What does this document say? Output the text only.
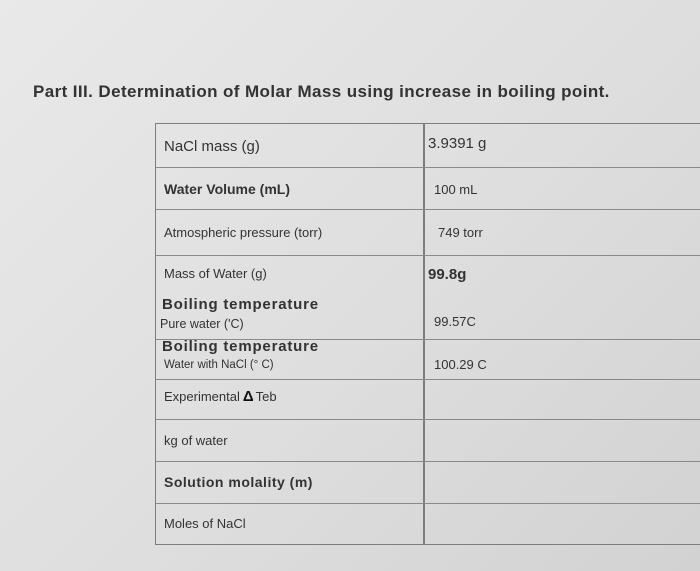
Part III. Determination of Molar Mass using increase in boiling point.
NaCl mass (g)	3.9391 g
Water Volume (mL)	100 mL
Atmospheric pressure (torr)	749 torr
Mass of Water (g)	99.8g
Boiling temperature
Pure water ('C)	99.57C
Boiling temperature
Water with NaCl (° C)	100.29 C
Experimental Δ Teb
kg of water
Solution molality (m)
Moles of NaCl
